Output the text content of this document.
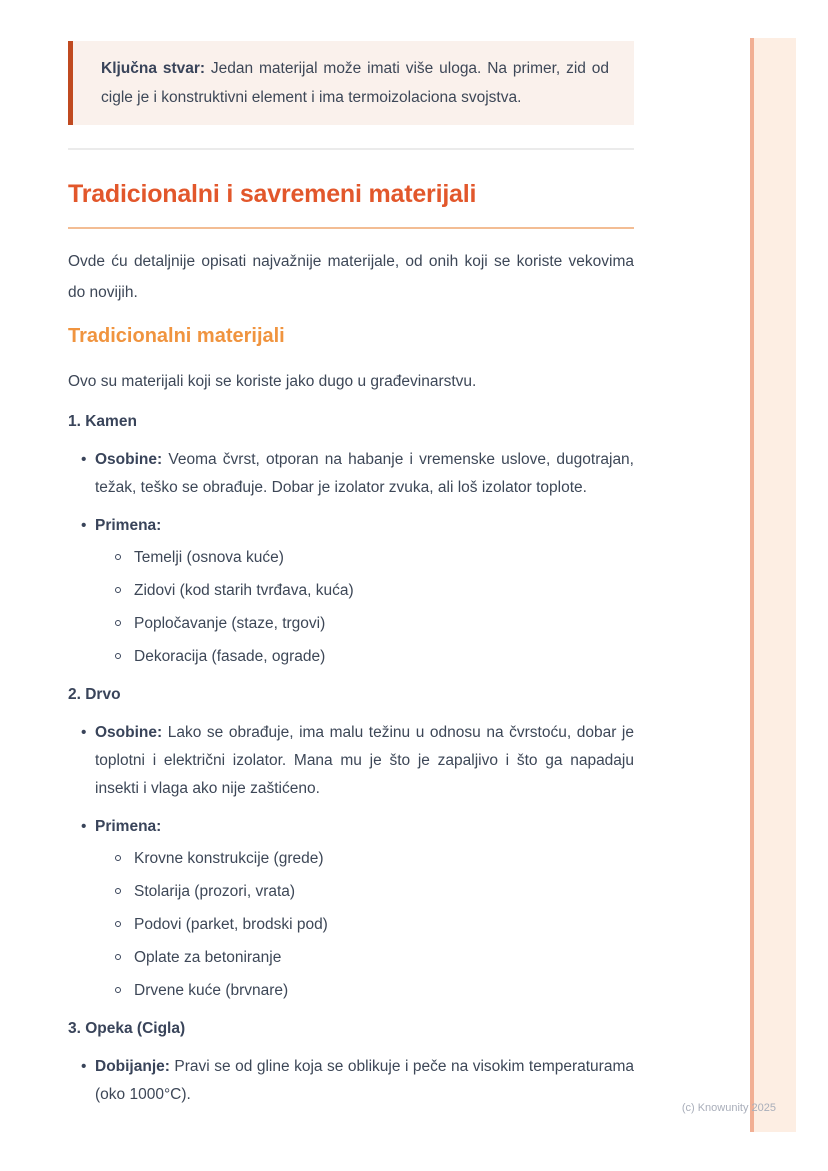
Ključna stvar: Jedan materijal može imati više uloga. Na primer, zid od cigle je i konstruktivni element i ima termoizolaciona svojstva.
Tradicionalni i savremeni materijali

Ovde ću detaljnije opisati najvažnije materijale, od onih koji se koriste vekovima do novijih.

Tradicionalni materijali

Ovo su materijali koji se koriste jako dugo u građevinarstvu.

1. Kamen
• Osobine: Veoma čvrst, otporan na habanje i vremenske uslove, dugotrajan, težak, teško se obrađuje. Dobar je izolator zvuka, ali loš izolator toplote.
• Primena:
Temelji (osnova kuće)
Zidovi (kod starih tvrđava, kuća)
Popločavanje (staze, trgovi)
Dekoracija (fasade, ograde)
2. Drvo
• Osobine: Lako se obrađuje, ima malu težinu u odnosu na čvrstoću, dobar je toplotni i električni izolator. Mana mu je što je zapaljivo i što ga napadaju insekti i vlaga ako nije zaštićeno.
• Primena:
Krovne konstrukcije (grede)
Stolarija (prozori, vrata)
Podovi (parket, brodski pod)
Oplate za betoniranje
Drvene kuće (brvnare)
3. Opeka (Cigla)
• Dobijanje: Pravi se od gline koja se oblikuje i peče na visokim temperaturama (oko 1000°C).
(c) Knowunity 2025
